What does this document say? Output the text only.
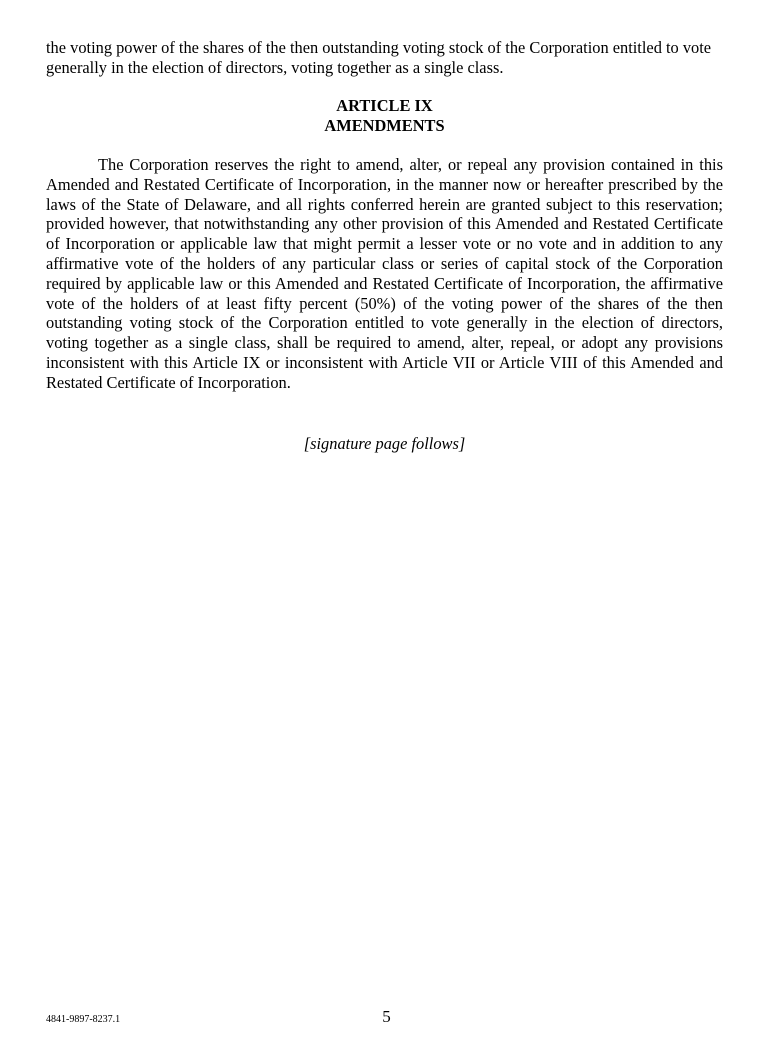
the voting power of the shares of the then outstanding voting stock of the Corporation entitled to vote generally in the election of directors, voting together as a single class.
ARTICLE IX
AMENDMENTS
The Corporation reserves the right to amend, alter, or repeal any provision contained in this Amended and Restated Certificate of Incorporation, in the manner now or hereafter prescribed by the laws of the State of Delaware, and all rights conferred herein are granted subject to this reservation; provided however, that notwithstanding any other provision of this Amended and Restated Certificate of Incorporation or applicable law that might permit a lesser vote or no vote and in addition to any affirmative vote of the holders of any particular class or series of capital stock of the Corporation required by applicable law or this Amended and Restated Certificate of Incorporation, the affirmative vote of the holders of at least fifty percent (50%) of the voting power of the shares of the then outstanding voting stock of the Corporation entitled to vote generally in the election of directors, voting together as a single class, shall be required to amend, alter, repeal, or adopt any provisions inconsistent with this Article IX or inconsistent with Article VII or Article VIII of this Amended and Restated Certificate of Incorporation.
[signature page follows]
4841-9897-8237.1	5
